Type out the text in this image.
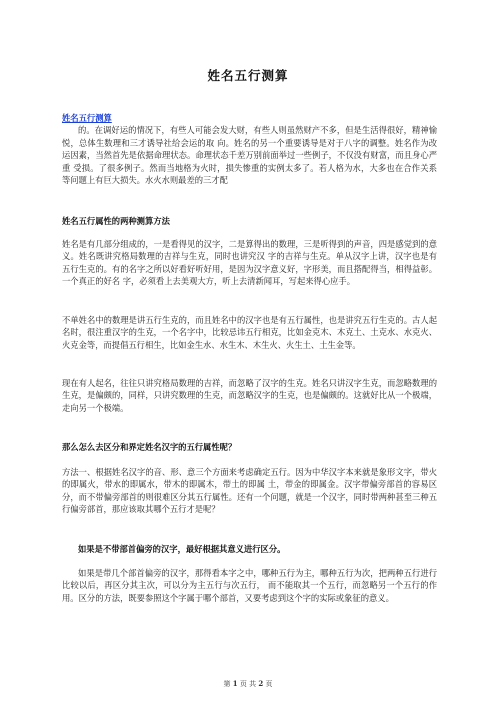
姓名五行测算
姓名五行测算

的。在调好运的情况下，有些人可能会发大财，有些人则虽然财产不多，但是生活得很好，精神愉悦，总体生数理和三才诱导社给会运的取 向。姓名的另一个重要诱导是对于八字的调整。姓名作为改运因素，当然首先是依据命理状态。命理状态千差万别前面举过一些例子，不仅没有财富，而且身心严重 受损。了很多例子。然而当地格为火时，损失惨重的实例太多了。若人格为水，大多也在合作关系等问题上有巨大损失。水火水则最差的三才配

姓名五行属性的两种测算方法

姓名是有几部分组成的，一是看得见的汉字，二是算得出的数理，三是听得到的声音，四是感觉到的意义。姓名既讲究格局数理的吉祥与生克，同时也讲究汉 字的吉祥与生克。单从汉字上讲，汉字也是有五行生克的。有的名字之所以好看好听好用，是因为汉字意义好，字形美，而且搭配得当，相得益彰。一个真正的好名 字，必须看上去美观大方，听上去清新闻耳，写起来得心应手。

不单姓名中的数理是讲五行生克的，而且姓名中的汉字也是有五行属性，也是讲究五行生克的。古人起名时，很注重汉字的生克，一个名字中，比较忌讳五行相克，比如金克木、木克土、土克水、水克火、火克金等，而提倡五行相生，比如金生水、水生木、木生火、火生土、土生金等。

现在有人起名，往往只讲究格局数理的吉祥，而忽略了汉字的生克。姓名只讲汉字生克，而忽略数理的生克，是偏颇的，同样，只讲究数理的生克，而忽略汉字的生克，也是偏颇的。这就好比从一个极端，走向另一个极端。

那么怎么去区分和界定姓名汉字的五行属性呢？

方法一、根据姓名汉字的音、形、意三个方面来考虑确定五行。因为中华汉字本来就是象形文字，带火的即属火，带水的即属水，带木的即属木，带土的即属 土，带金的即属金。汉字带偏旁部首的容易区分，而不带偏旁部首的则很难区分其五行属性。还有一个问题，就是一个汉字，同时带两种甚至三种五行偏旁部首，那应该取其哪个五行才是呢？

如果是不带部首偏旁的汉字，最好根据其意义进行区分。

如果是带几个部首偏旁的汉字，那得看本字之中，哪种五行为主，哪种五行为次，把两种五行进行比较以后，再区分其主次，可以分为主五行与次五行， 而不能取其一个五行，而忽略另一个五行的作用。区分的方法，既要参照这个字属于哪个部首，又要考虑到这个字的实际或象征的意义。

第 1 页 共 2 页
